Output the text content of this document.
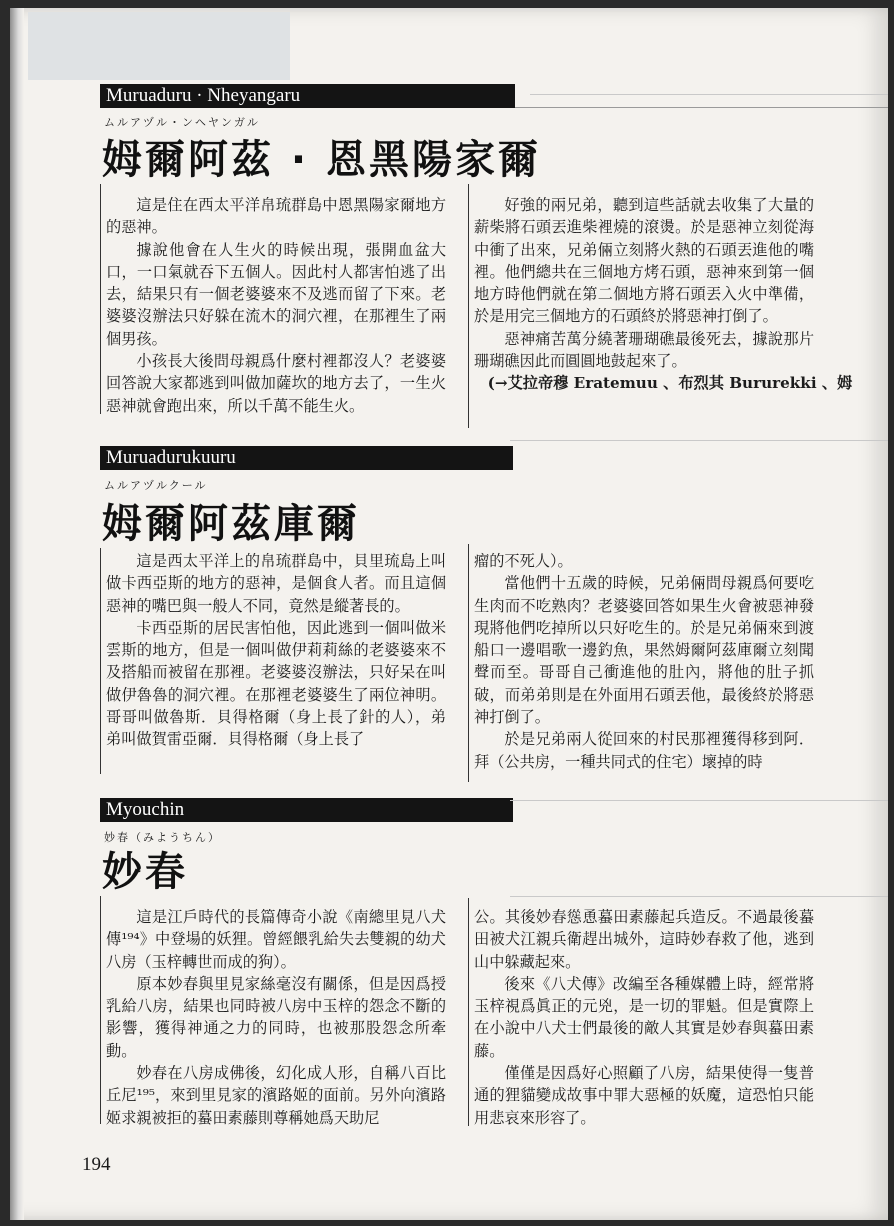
Muruaduru · Nheyangaru
ムルアヅル・ンヘヤンガル
姆爾阿茲 · 恩黑陽家爾

這是住在西太平洋帛琉群島中恩黑陽家爾地方的惡神。

據說他會在人生火的時候出現，張開血盆大口，一口氣就吞下五個人。因此村人都害怕逃了出去，結果只有一個老婆婆來不及逃而留了下來。老婆婆沒辦法只好躲在流木的洞穴裡，在那裡生了兩個男孩。

小孩長大後問母親爲什麼村裡都沒人？老婆婆回答說大家都逃到叫做加薩坎的地方去了，一生火惡神就會跑出來，所以千萬不能生火。

好強的兩兄弟，聽到這些話就去收集了大量的薪柴將石頭丟進柴裡燒的滾燙。於是惡神立刻從海中衝了出來，兄弟倆立刻將火熱的石頭丟進他的嘴裡。他們總共在三個地方烤石頭，惡神來到第一個地方時他們就在第二個地方將石頭丟入火中準備，於是用完三個地方的石頭終於將惡神打倒了。

惡神痛苦萬分繞著珊瑚礁最後死去，據說那片珊瑚礁因此而圓圓地鼓起來了。

(→艾拉帝穆 Eratemuu 、布烈其 Bururekki 、姆

Muruadurukuuru
ムルアヅルクール
姆爾阿茲庫爾

這是西太平洋上的帛琉群島中，貝里琉島上叫做卡西亞斯的地方的惡神，是個食人者。而且這個惡神的嘴巴與一般人不同，竟然是縱著長的。

卡西亞斯的居民害怕他，因此逃到一個叫做米雲斯的地方，但是一個叫做伊莉莉絲的老婆婆來不及搭船而被留在那裡。老婆婆沒辦法，只好呆在叫做伊魯魯的洞穴裡。在那裡老婆婆生了兩位神明。哥哥叫做魯斯．貝得格爾（身上長了針的人），弟弟叫做賀雷亞爾．貝得格爾（身上長了

瘤的不死人）。

當他們十五歲的時候，兄弟倆問母親爲何要吃生肉而不吃熟肉？老婆婆回答如果生火會被惡神發現將他們吃掉所以只好吃生的。於是兄弟倆來到渡船口一邊唱歌一邊釣魚，果然姆爾阿茲庫爾立刻聞聲而至。哥哥自己衝進他的肚內，將他的肚子抓破，而弟弟則是在外面用石頭丟他，最後終於將惡神打倒了。

於是兄弟兩人從回來的村民那裡獲得移到阿．拜（公共房，一種共同式的住宅）壞掉的時

Myouchin
妙春（みようちん）
妙春

這是江戶時代的長篇傳奇小說《南總里見八犬傳¹⁹⁴》中登場的妖狸。曾經餵乳給失去雙親的幼犬八房（玉梓轉世而成的狗）。

原本妙春與里見家絲毫沒有關係，但是因爲授乳給八房，結果也同時被八房中玉梓的怨念不斷的影響，獲得神通之力的同時，也被那股怨念所牽動。

妙春在八房成佛後，幻化成人形，自稱八百比丘尼¹⁹⁵，來到里見家的濱路姬的面前。另外向濱路姬求親被拒的蟇田素藤則尊稱她爲天助尼

公。其後妙春慫恿蟇田素藤起兵造反。不過最後蟇田被犬江親兵衛趕出城外，這時妙春救了他，逃到山中躲藏起來。

後來《八犬傳》改編至各種媒體上時，經常將玉梓視爲眞正的元兇，是一切的罪魁。但是實際上在小說中八犬士們最後的敵人其實是妙春與蟇田素藤。

僅僅是因爲好心照顧了八房，結果使得一隻普通的狸貓變成故事中罪大惡極的妖魔，這恐怕只能用悲哀來形容了。

194
